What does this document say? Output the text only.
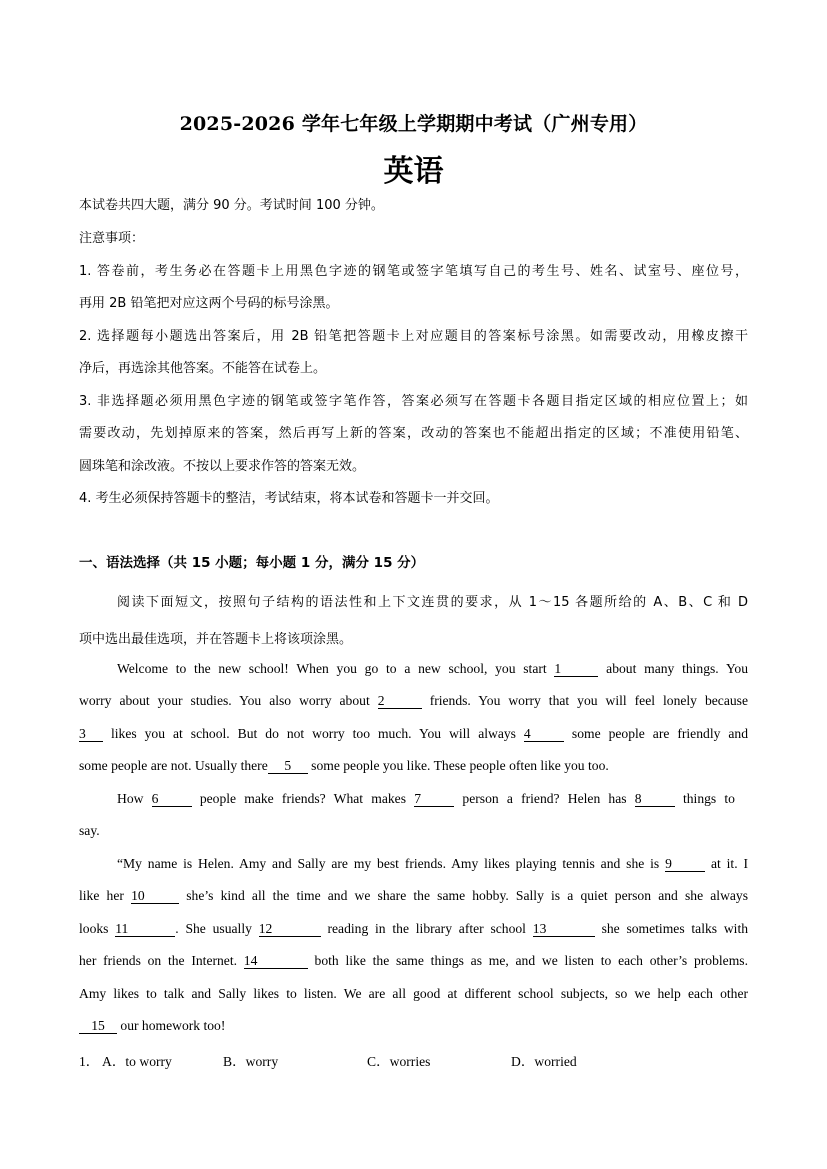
2025-2026 学年七年级上学期期中考试（广州专用）
英语
本试卷共四大题，满分 90 分。考试时间 100 分钟。
注意事项：
1. 答卷前，考生务必在答题卡上用黑色字迹的钢笔或签字笔填写自己的考生号、姓名、试室号、座位号，
再用 2B 铅笔把对应这两个号码的标号涂黑。
2. 选择题每小题选出答案后，用 2B 铅笔把答题卡上对应题目的答案标号涂黑。如需要改动，用橡皮擦干
净后，再选涂其他答案。不能答在试卷上。
3. 非选择题必须用黑色字迹的钢笔或签字笔作答，答案必须写在答题卡各题目指定区域的相应位置上；如
需要改动，先划掉原来的答案，然后再写上新的答案，改动的答案也不能超出指定的区域；不准使用铅笔、
圆珠笔和涂改液。不按以上要求作答的答案无效。
4. 考生必须保持答题卡的整洁，考试结束，将本试卷和答题卡一并交回。
一、语法选择（共 15 小题；每小题 1 分，满分 15 分）
阅读下面短文，按照句子结构的语法性和上下文连贯的要求，从 1～15 各题所给的 A、B、C 和 D
项中选出最佳选项，并在答题卡上将该项涂黑。
Welcome to the new school! When you go to a new school, you start 1	about many things. You
worry about your studies. You also worry about 2	friends. You worry that you will feel lonely because
3 likes you at school. But do not worry too much. You will always 4	some people are friendly and
some people are not. Usually there 5 some people you like. These people often like you too.
How 6	people make friends? What makes 7	person a friend? Helen has 8	things to
say.
“My name is Helen. Amy and Sally are my best friends. Amy likes playing tennis and she is 9	at it. I
like her 10	she’s kind all the time and we share the same hobby. Sally is a quiet person and she always
looks 11	. She usually 12	reading in the library after school 13	she sometimes talks with
her friends on the Internet. 14	both like the same things as me, and we listen to each other’s problems.
Amy likes to talk and Sally likes to listen. We are all good at different school subjects, so we help each other
15 our homework too!
1． A．to worry	B．worry	C．worries	D．worried
